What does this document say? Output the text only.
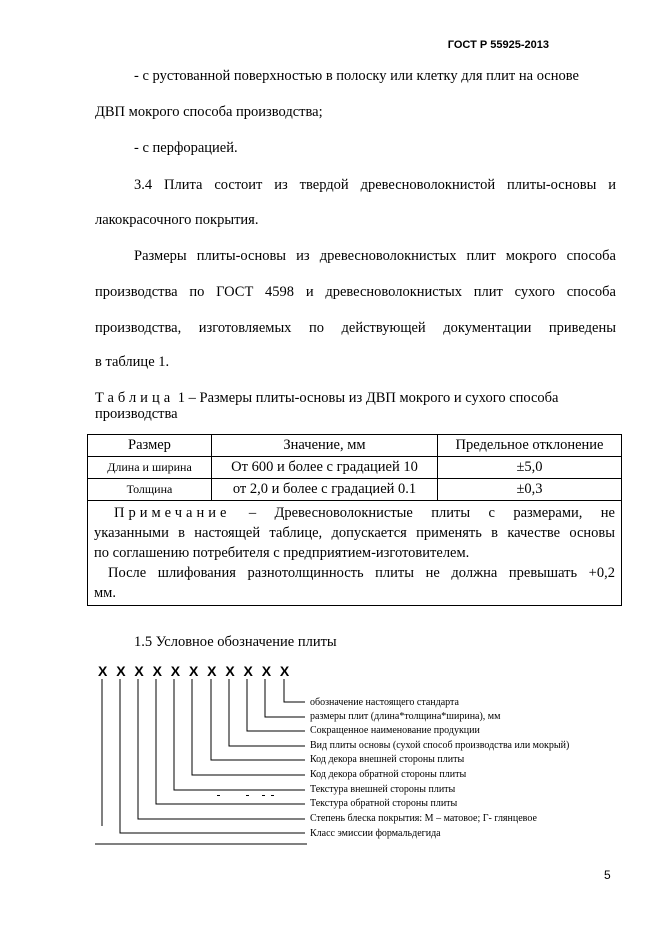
ГОСТ Р 55925-2013
- с рустованной поверхностью в полоску или клетку для плит на основе
ДВП мокрого способа производства;
- с перфорацией.
3.4 Плита состоит из твердой древесноволокнистой плиты-основы и
лакокрасочного покрытия.
Размеры плиты-основы из древесноволокнистых плит мокрого способа
производства по ГОСТ 4598 и древесноволокнистых плит сухого способа
производства, изготовляемых по действующей документации приведены
в таблице 1.
Таблица 1 – Размеры плиты-основы из ДВП мокрого и сухого способа
производства
Размер	Значение, мм	Предельное отклонение
Длина и ширина	От 600 и более с градацией 10	±5,0
Толщина	от 2,0 и более с градацией 0.1	±0,3

Примечание – Древесноволокнистые плиты с размерами, не
указанными в настоящей таблице, допускается применять в качестве основы
по соглашению потребителя с предприятием-изготовителем.
После шлифования разнотолщинность плиты не должна превышать +0,2
мм.		
1.5 Условное обозначение плиты
Х Х Х Х Х Х Х Х Х Х Х
обозначение настоящего стандарта
размеры плит (длина*толщина*ширина), мм
Сокращенное наименование продукции
Вид плиты основы (сухой способ производства или мокрый)
Код декора внешней стороны плиты
Код декора обратной стороны плиты
Текстура внешней стороны плиты
Текстура обратной стороны плиты
Степень блеска покрытия: М – матовое; Г- глянцевое
Класс эмиссии формальдегида
5
